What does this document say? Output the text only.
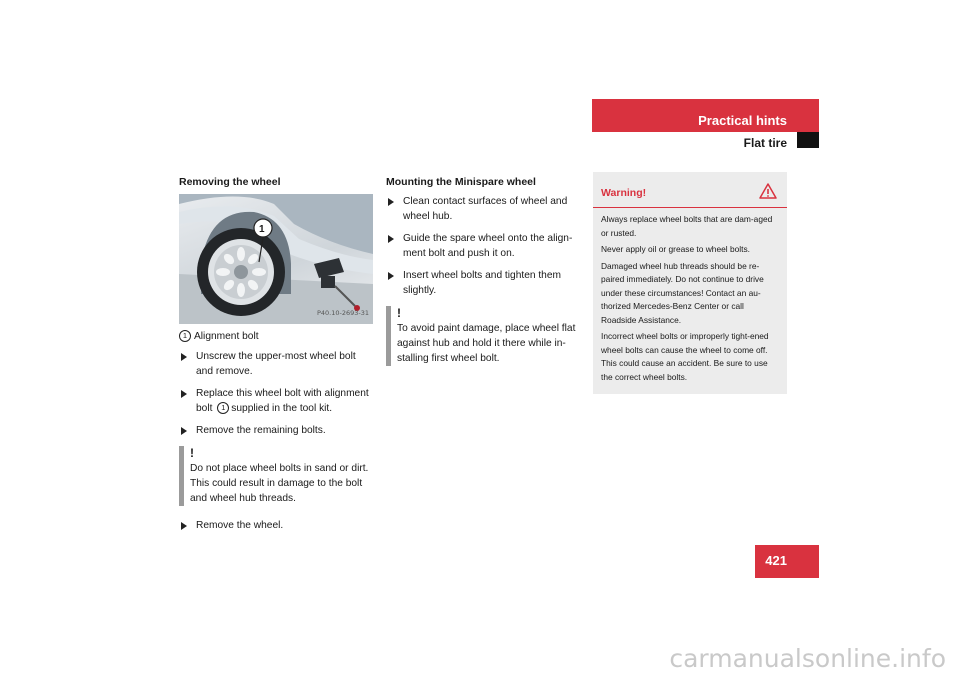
Practical hints
Flat tire
Removing the wheel
P40.10-2693-31
1
1 Alignment bolt
Unscrew the upper-most wheel bolt and remove.
Replace this wheel bolt with alignment bolt 1 supplied in the tool kit.
Remove the remaining bolts.
!
Do not place wheel bolts in sand or dirt. This could result in damage to the bolt and wheel hub threads.
Remove the wheel.
Mounting the Minispare wheel
Clean contact surfaces of wheel and wheel hub.
Guide the spare wheel onto the align-ment bolt and push it on.
Insert wheel bolts and tighten them slightly.
!
To avoid paint damage, place wheel flat against hub and hold it there while in-stalling first wheel bolt.
Warning!

Always replace wheel bolts that are dam-aged or rusted.

Never apply oil or grease to wheel bolts.

Damaged wheel hub threads should be re-paired immediately. Do not continue to drive under these circumstances! Contact an au-thorized Mercedes-Benz Center or call Roadside Assistance.

Incorrect wheel bolts or improperly tight-ened wheel bolts can cause the wheel to come off. This could cause an accident. Be sure to use the correct wheel bolts.

421
carmanualsonline.info
